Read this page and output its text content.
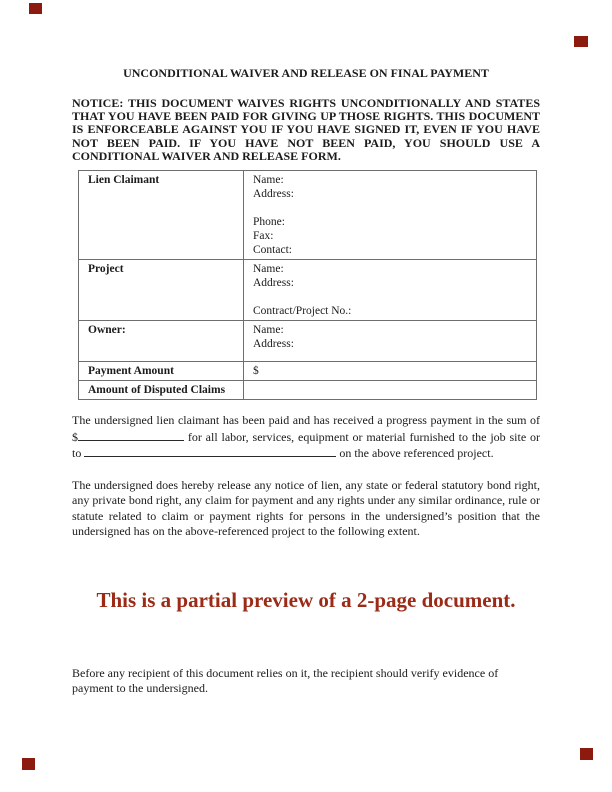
UNCONDITIONAL WAIVER AND RELEASE ON FINAL PAYMENT
NOTICE: THIS DOCUMENT WAIVES RIGHTS UNCONDITIONALLY AND STATES THAT YOU HAVE BEEN PAID FOR GIVING UP THOSE RIGHTS. THIS DOCUMENT IS ENFORCEABLE AGAINST YOU IF YOU HAVE SIGNED IT, EVEN IF YOU HAVE NOT BEEN PAID. IF YOU HAVE NOT BEEN PAID, YOU SHOULD USE A CONDITIONAL WAIVER AND RELEASE FORM.
Lien Claimant	Name:
Address:
Phone:
Fax:
Contact:

Project	Name:
Address:
Contract/Project No.:

Owner:	Name:
Address:

Payment Amount	$

Amount of Disputed Claims	

The undersigned lien claimant has been paid and has received a progress payment in the sum of $	for all labor, services, equipment or material furnished to the job site or to	on the above referenced project.

The undersigned does hereby release any notice of lien, any state or federal statutory bond right, any private bond right, any claim for payment and any rights under any similar ordinance, rule or statute related to claim or payment rights for persons in the undersigned’s position that the undersigned has on the above-referenced project to the following extent.

This is a partial preview of a 2-page document.

Before any recipient of this document relies on it, the recipient should verify evidence of payment to the undersigned.
